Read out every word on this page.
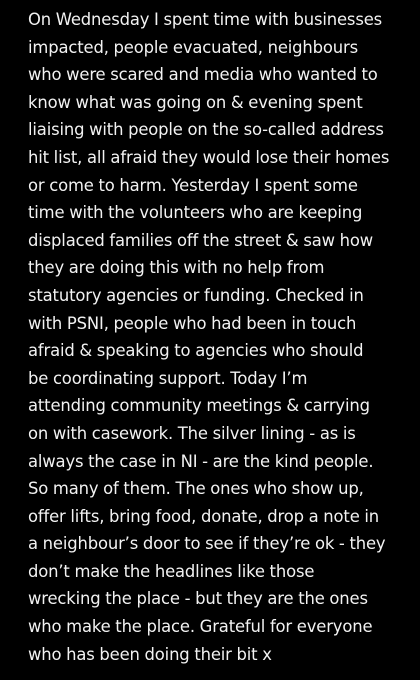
On Wednesday I spent time with businesses
impacted, people evacuated, neighbours
who were scared and media who wanted to
know what was going on & evening spent
liaising with people on the so-called address
hit list, all afraid they would lose their homes
or come to harm. Yesterday I spent some
time with the volunteers who are keeping
displaced families off the street & saw how
they are doing this with no help from
statutory agencies or funding. Checked in
with PSNI, people who had been in touch
afraid & speaking to agencies who should
be coordinating support. Today I’m
attending community meetings & carrying
on with casework. The silver lining - as is
always the case in NI - are the kind people.
So many of them. The ones who show up,
offer lifts, bring food, donate, drop a note in
a neighbour’s door to see if they’re ok - they
don’t make the headlines like those
wrecking the place - but they are the ones
who make the place. Grateful for everyone
who has been doing their bit x
